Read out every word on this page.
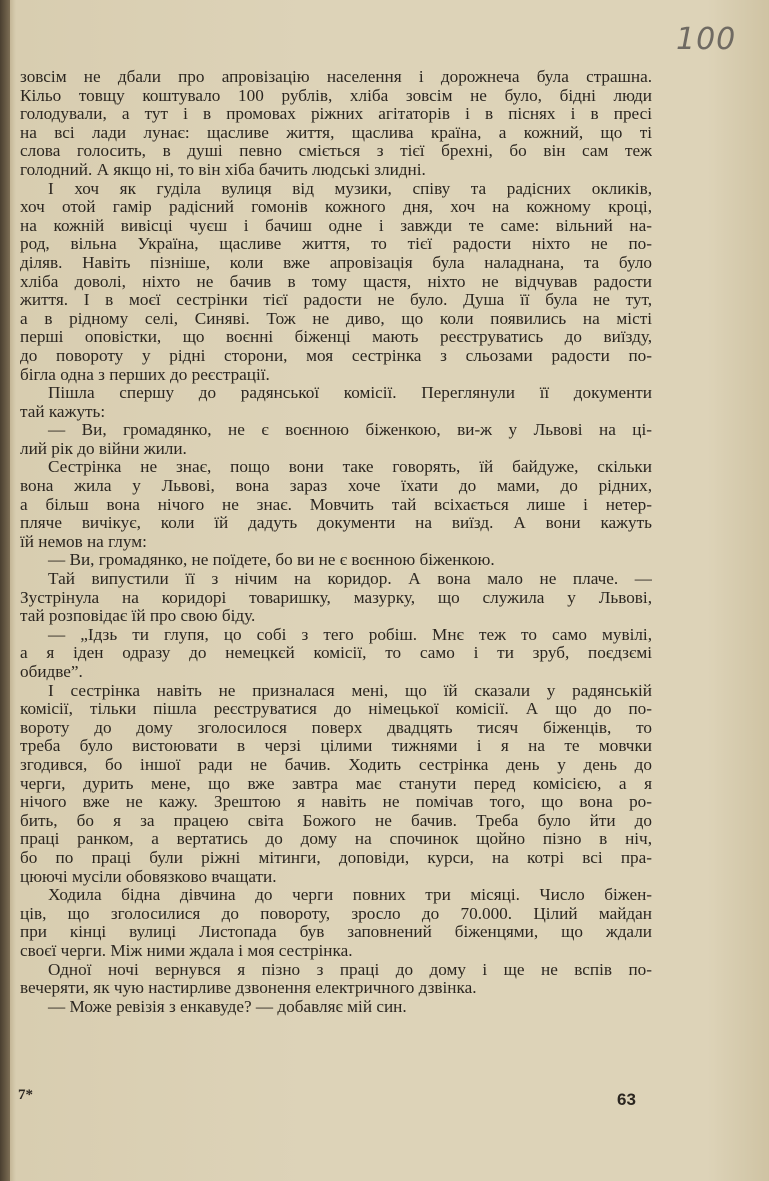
100
зовсім не дбали про апровізацію населення і дорожнеча була страшна.
Кільо товщу коштувало 100 рублів, хліба зовсім не було, бідні люди
голодували, а тут і в промовах ріжних агітаторів і в піснях і в пресі
на всі лади лунає: щасливе життя, щаслива країна, а кожний, що ті
слова голосить, в душі певно сміється з тієї брехні, бо він сам теж
голодний. А якщо ні, то він хіба бачить людські злидні.
І хоч як гуділа вулиця від музики, співу та радісних окликів,
хоч отой гамір радісний гомонів кожного дня, хоч на кожному кроці,
на кожній вивісці чуєш і бачиш одне і завжди те саме: вільний на-
род, вільна Україна, щасливе життя, то тієї радости ніхто не по-
діляв. Навіть пізніше, коли вже апровізація була наладнана, та було
хліба доволі, ніхто не бачив в тому щастя, ніхто не відчував радости
життя. І в моєї сестрінки тієї радости не було. Душа її була не тут,
а в рідному селі, Синяві. Тож не диво, що коли появились на місті
перші оповістки, що воєнні біженці мають реєструватись до виїзду,
до повороту у рідні сторони, моя сестрінка з сльозами радости по-
бігла одна з перших до реєстрації.
Пішла спершу до радянської комісії. Переглянули її документи
тай кажуть:
— Ви, громадянко, не є воєнною біженкою, ви-ж у Львові на ці-
лий рік до війни жили.
Сестрінка не знає, пощо вони таке говорять, їй байдуже, скільки
вона жила у Львові, вона зараз хоче їхати до мами, до рідних,
а більш вона нічого не знає. Мовчить тай всіхається лише і нетер-
пляче вичікує, коли їй дадуть документи на виїзд. А вони кажуть
їй немов на глум:
— Ви, громадянко, не поїдете, бо ви не є воєнною біженкою.
Тай випустили її з нічим на коридор. А вона мало не плаче. —
Зустрінула на коридорі товаришку, мазурку, що служила у Львові,
тай розповідає їй про свою біду.
— „Ідзь ти глупя, цо собі з тего робіш. Мнє теж то само мувілі,
а я іден одразу до немецкєй комісії, то само і ти зруб, поєдзємі
обидве”.
І сестрінка навіть не призналася мені, що їй сказали у радянській
комісії, тільки пішла реєструватися до німецької комісії. А що до по-
вороту до дому зголосилося поверх двадцять тисяч біженців, то
треба було вистоювати в черзі цілими тижнями і я на те мовчки
згодився, бо іншої ради не бачив. Ходить сестрінка день у день до
черги, дурить мене, що вже завтра має станути перед комісією, а я
нічого вже не кажу. Зрештою я навіть не помічав того, що вона ро-
бить, бо я за працею світа Божого не бачив. Треба було йти до
праці ранком, а вертатись до дому на спочинок щойно пізно в ніч,
бо по праці були ріжні мітинги, доповіди, курси, на котрі всі пра-
цюючі мусіли обовязково вчащати.
Ходила бідна дівчина до черги повних три місяці. Число біжен-
ців, що зголосилися до повороту, зросло до 70.000. Цілий майдан
при кінці вулиці Листопада був заповнений біженцями, що ждали
своєї черги. Між ними ждала і моя сестрінка.
Одної ночі вернувся я пізно з праці до дому і ще не вспів по-
вечеряти, як чую настирливе дзвонення електричного дзвінка.
— Може ревізія з енкавуде? — добавляє мій син.
7*	63
